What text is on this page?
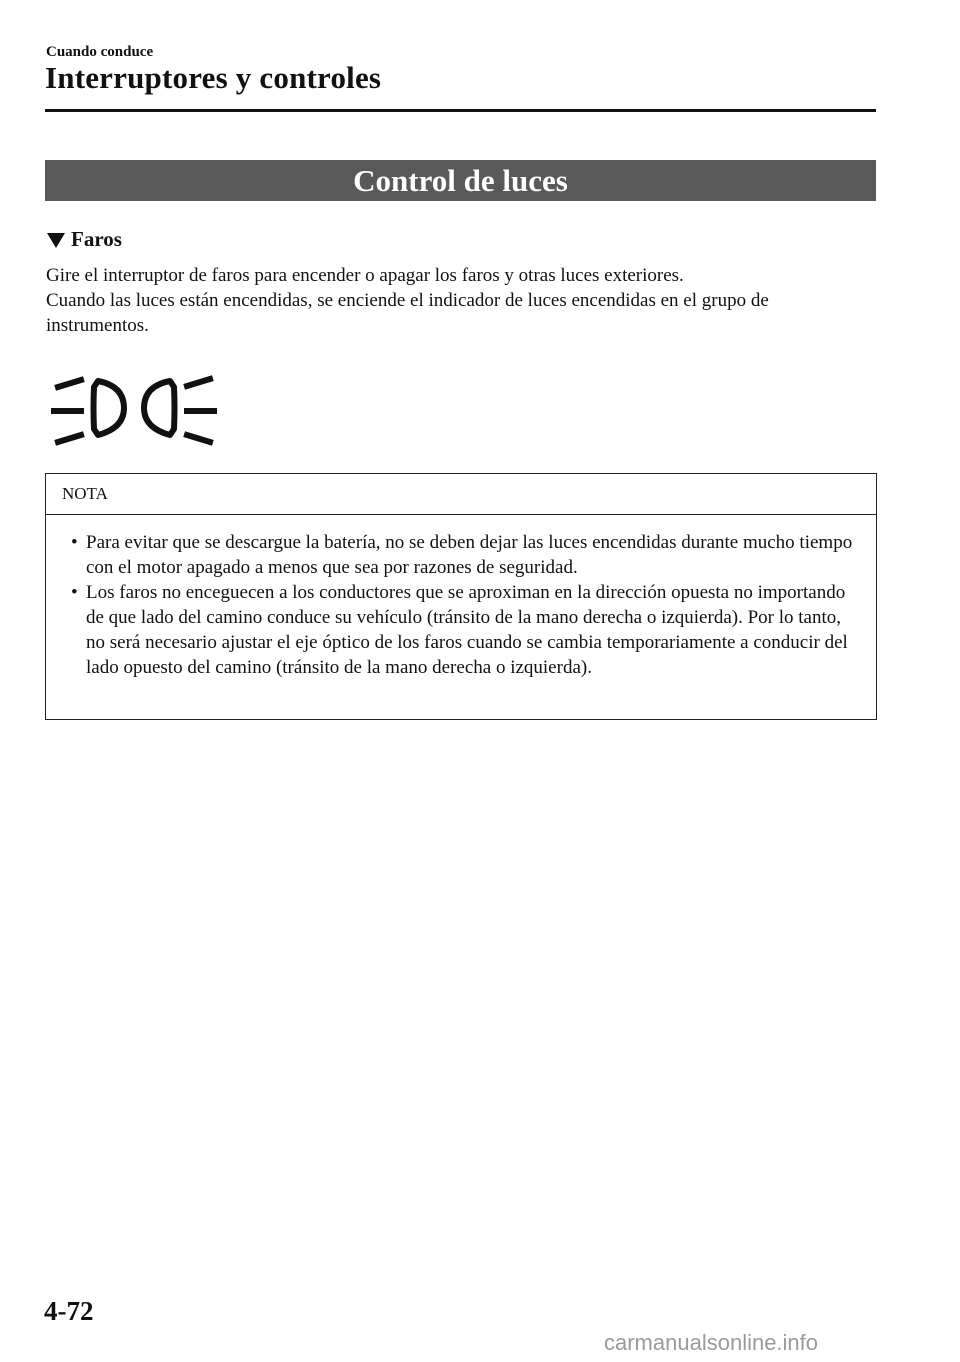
Cuando conduce
Interruptores y controles
Control de luces
Faros

Gire el interruptor de faros para encender o apagar los faros y otras luces exteriores.

Cuando las luces están encendidas, se enciende el indicador de luces encendidas en el grupo de instrumentos.

NOTA
• Para evitar que se descargue la batería, no se deben dejar las luces encendidas durante mucho tiempo con el motor apagado a menos que sea por razones de seguridad.
• Los faros no enceguecen a los conductores que se aproximan en la dirección opuesta no importando de que lado del camino conduce su vehículo (tránsito de la mano derecha o izquierda). Por lo tanto, no será necesario ajustar el eje óptico de los faros cuando se cambia temporariamente a conducir del lado opuesto del camino (tránsito de la mano derecha o izquierda).
4-72
carmanualsonline.info
